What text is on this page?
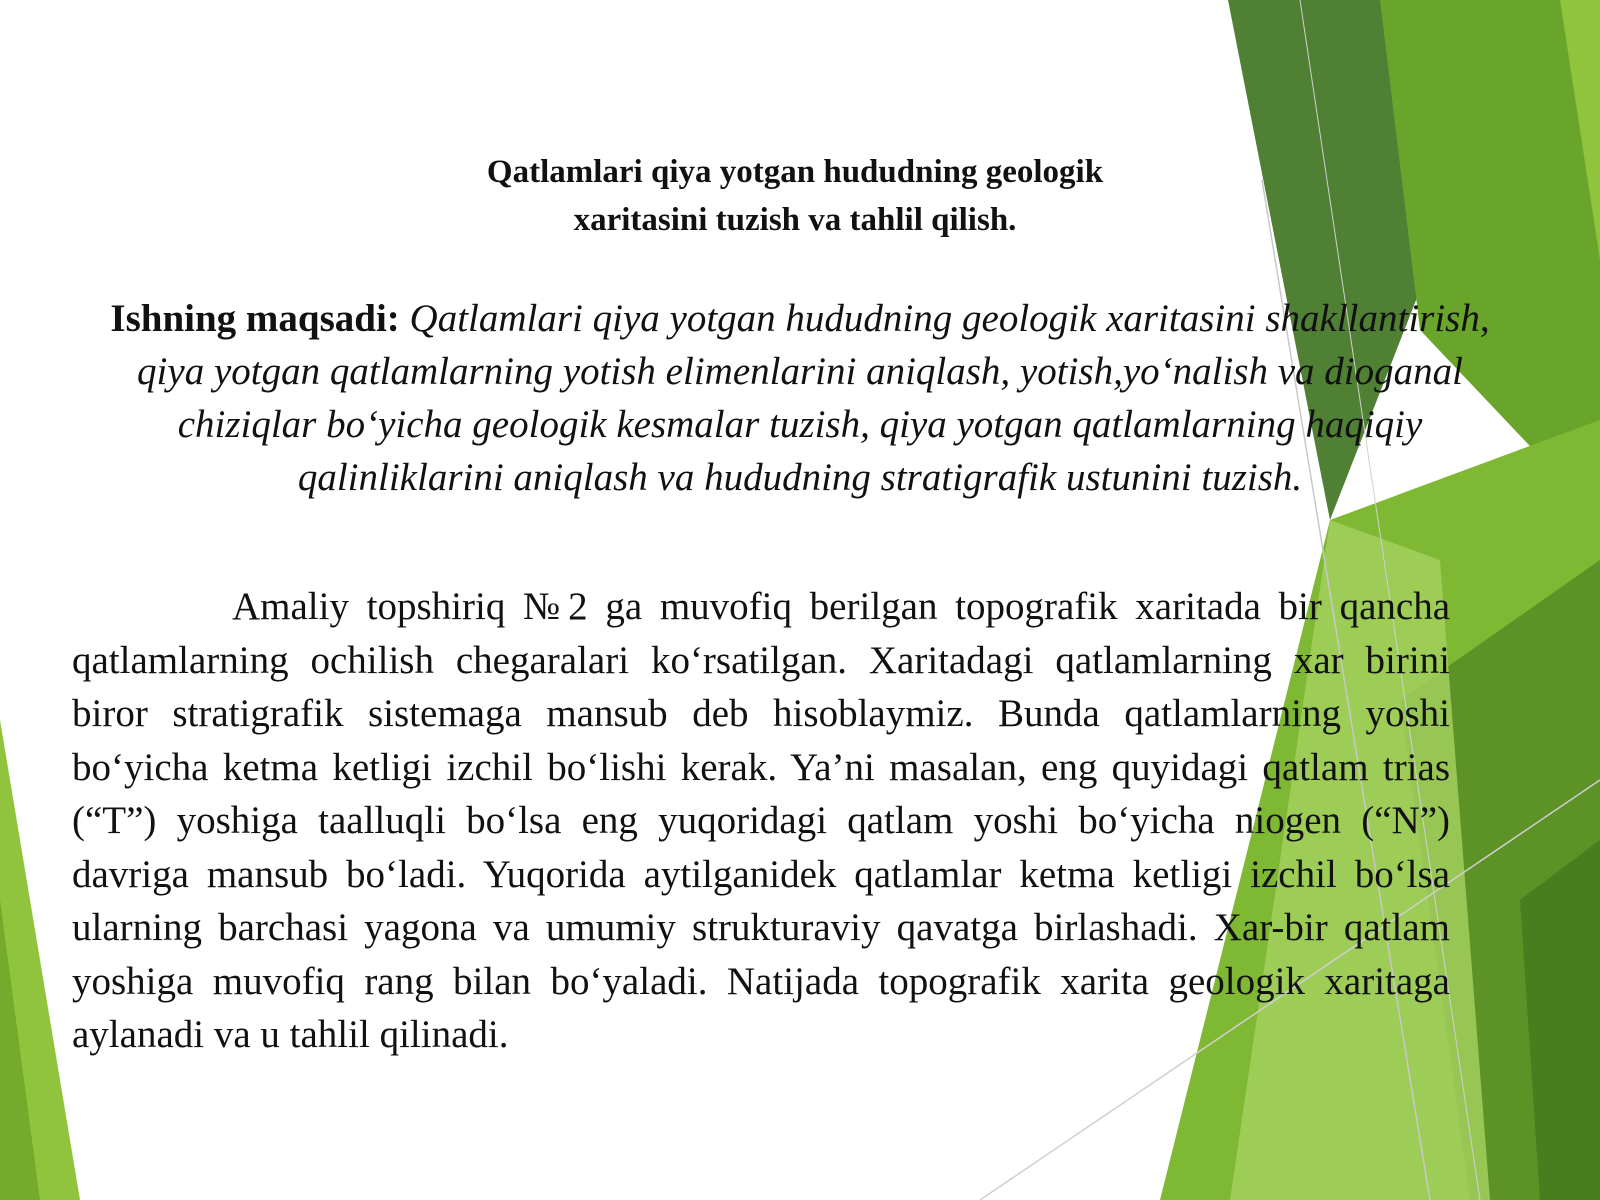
Qatlamlari qiya yotgan hududning geologik
xaritasini tuzish va tahlil qilish.
Ishning maqsadi: Qatlamlari qiya yotgan hududning geologik xaritasini shakllantirish, qiya yotgan qatlamlarning yotish elimenlarini aniqlash, yotish,yo‘nalish va dioganal chiziqlar bo‘yicha geologik kesmalar tuzish, qiya yotgan qatlamlarning haqiqiy qalinliklarini aniqlash va hududning stratigrafik ustunini tuzish.
Amaliy topshiriq №2 ga muvofiq berilgan topografik xaritada bir qancha qatlamlarning ochilish chegaralari ko‘rsatilgan. Xaritadagi qatlamlarning xar birini biror stratigrafik sistemaga mansub deb hisoblaymiz. Bunda qatlamlarning yoshi bo‘yicha ketma ketligi izchil bo‘lishi kerak. Ya’ni masalan, eng quyidagi qatlam trias (“T”) yoshiga taalluqli bo‘lsa eng yuqoridagi qatlam yoshi bo‘yicha niogen (“N”) davriga mansub bo‘ladi. Yuqorida aytilganidek qatlamlar ketma ketligi izchil bo‘lsa ularning barchasi yagona va umumiy strukturaviy qavatga birlashadi. Xar-bir qatlam yoshiga muvofiq rang bilan bo‘yaladi. Natijada topografik xarita geologik xaritaga aylanadi va u tahlil qilinadi.
